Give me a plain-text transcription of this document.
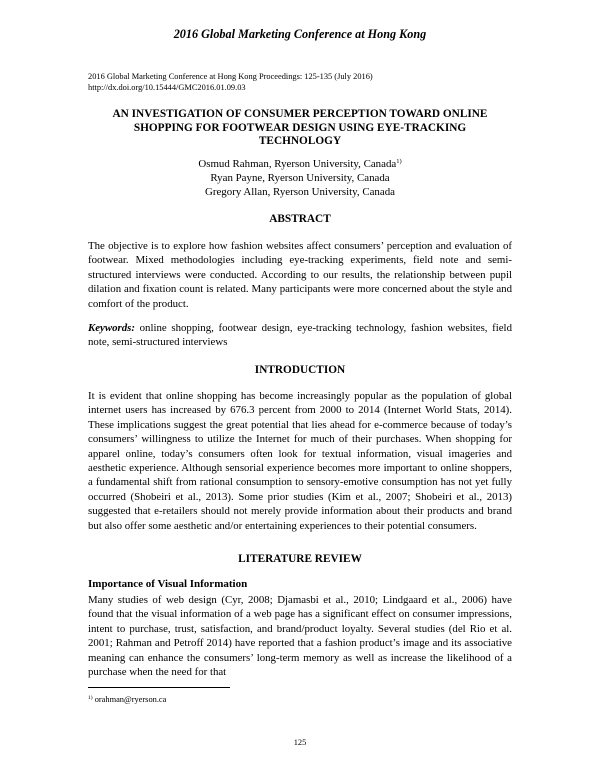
2016 Global Marketing Conference at Hong Kong
2016 Global Marketing Conference at Hong Kong Proceedings: 125-135 (July 2016)
http://dx.doi.org/10.15444/GMC2016.01.09.03
AN INVESTIGATION OF CONSUMER PERCEPTION TOWARD ONLINE
SHOPPING FOR FOOTWEAR DESIGN USING EYE-TRACKING
TECHNOLOGY
Osmud Rahman, Ryerson University, Canada$^{1)}$
Ryan Payne, Ryerson University, Canada
Gregory Allan, Ryerson University, Canada
ABSTRACT
The objective is to explore how fashion websites affect consumers’ perception and evaluation of footwear. Mixed methodologies including eye-tracking experiments, field note and semi-structured interviews were conducted. According to our results, the relationship between pupil dilation and fixation count is related. Many participants were more concerned about the style and comfort of the product.
Keywords: online shopping, footwear design, eye-tracking technology, fashion websites, field note, semi-structured interviews
INTRODUCTION
It is evident that online shopping has become increasingly popular as the population of global internet users has increased by 676.3 percent from 2000 to 2014 (Internet World Stats, 2014). These implications suggest the great potential that lies ahead for e-commerce because of today’s consumers’ willingness to utilize the Internet for much of their purchases. When shopping for apparel online, today’s consumers often look for textual information, visual imageries and aesthetic experience. Although sensorial experience becomes more important to online shoppers, a fundamental shift from rational consumption to sensory-emotive consumption has not yet fully occurred (Shobeiri et al., 2013). Some prior studies (Kim et al., 2007; Shobeiri et al., 2013) suggested that e-retailers should not merely provide information about their products and brand but also offer some aesthetic and/or entertaining experiences to their potential consumers.
LITERATURE REVIEW
Importance of Visual Information
Many studies of web design (Cyr, 2008; Djamasbi et al., 2010; Lindgaard et al., 2006) have found that the visual information of a web page has a significant effect on consumer impressions, intent to purchase, trust, satisfaction, and brand/product loyalty. Several studies (del Rio et al. 2001; Rahman and Petroff 2014) have reported that a fashion product’s image and its associative meaning can enhance the consumers’ long-term memory as well as increase the likelihood of a purchase when the need for that
$^{1)}$ orahman@ryerson.ca
125
